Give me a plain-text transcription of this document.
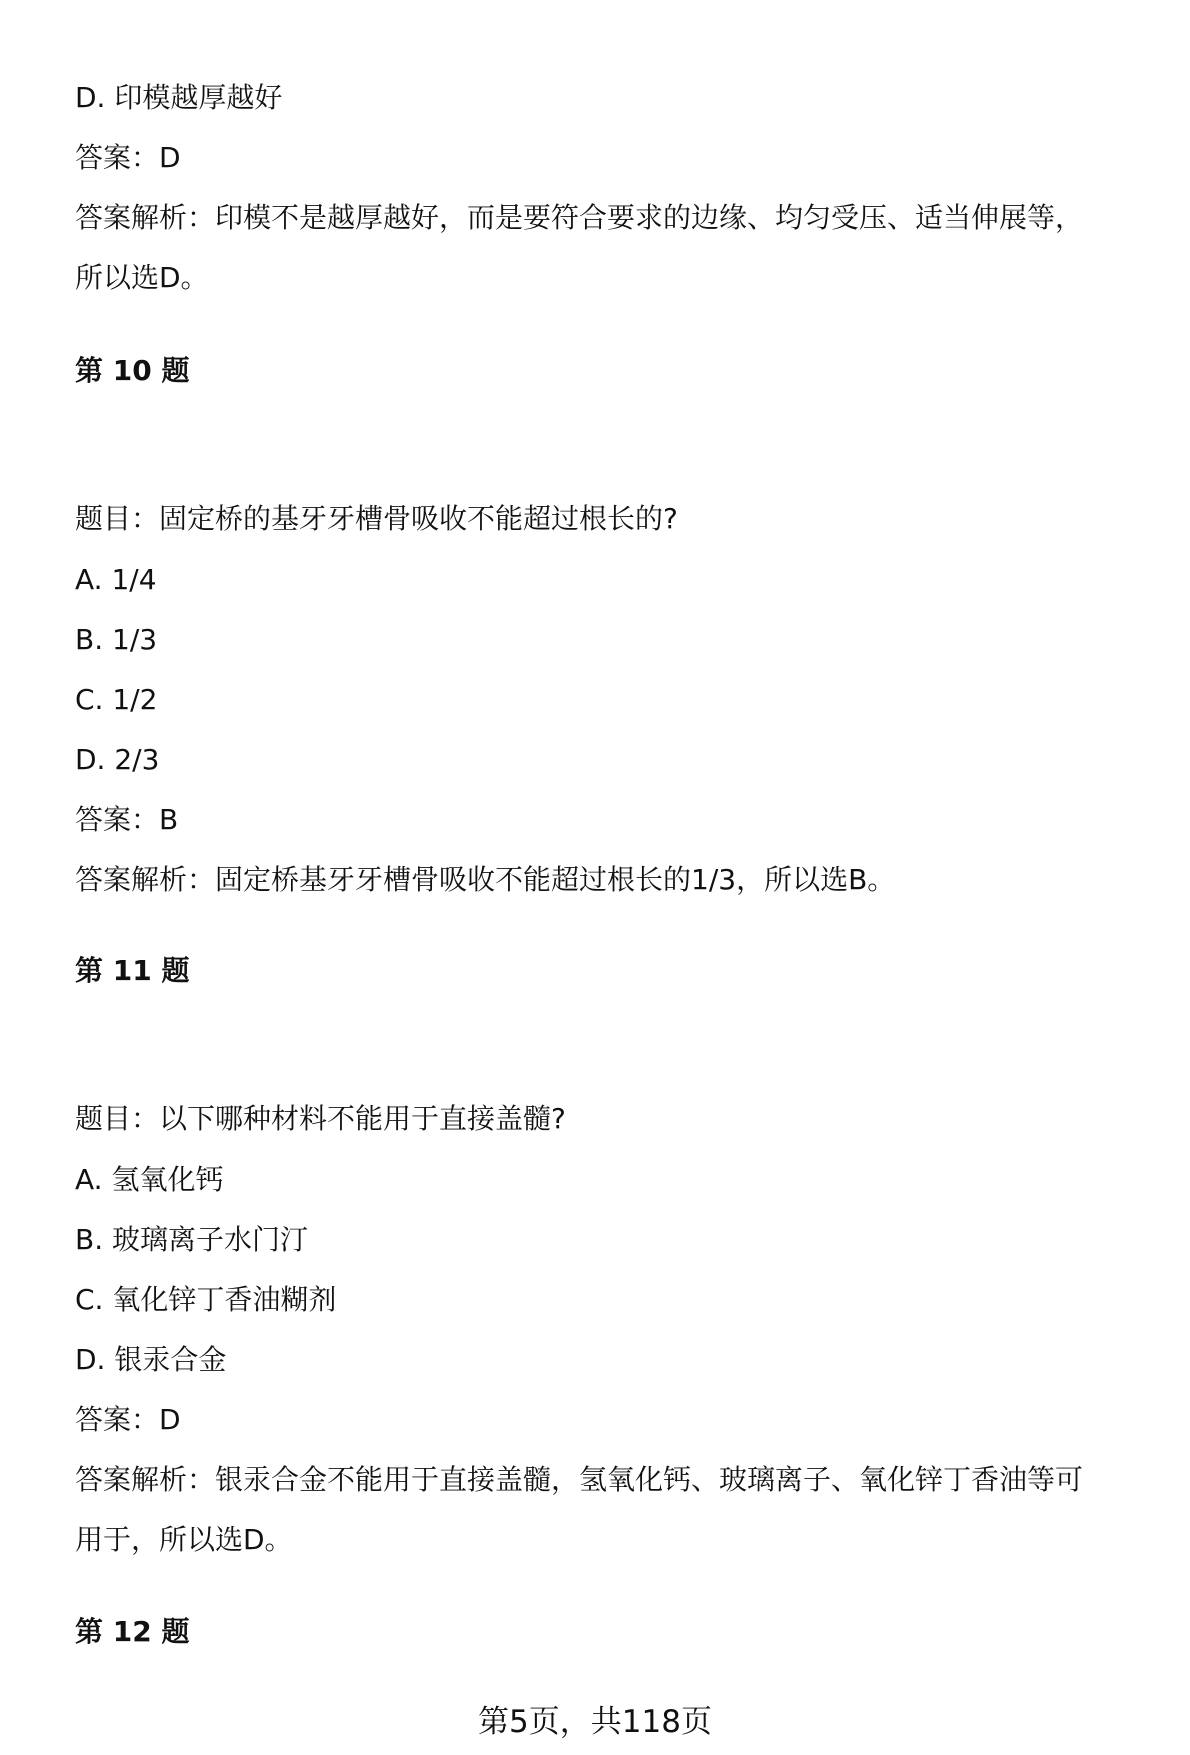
D. 印模越厚越好
答案：D
答案解析：印模不是越厚越好，而是要符合要求的边缘、均匀受压、适当伸展等，
所以选D。
第 10 题
题目：固定桥的基牙牙槽骨吸收不能超过根长的?
A. 1/4
B. 1/3
C. 1/2
D. 2/3
答案：B
答案解析：固定桥基牙牙槽骨吸收不能超过根长的1/3，所以选B。
第 11 题
题目：以下哪种材料不能用于直接盖髓?
A. 氢氧化钙
B. 玻璃离子水门汀
C. 氧化锌丁香油糊剂
D. 银汞合金
答案：D
答案解析：银汞合金不能用于直接盖髓，氢氧化钙、玻璃离子、氧化锌丁香油等可
用于，所以选D。
第 12 题
第5页，共118页
